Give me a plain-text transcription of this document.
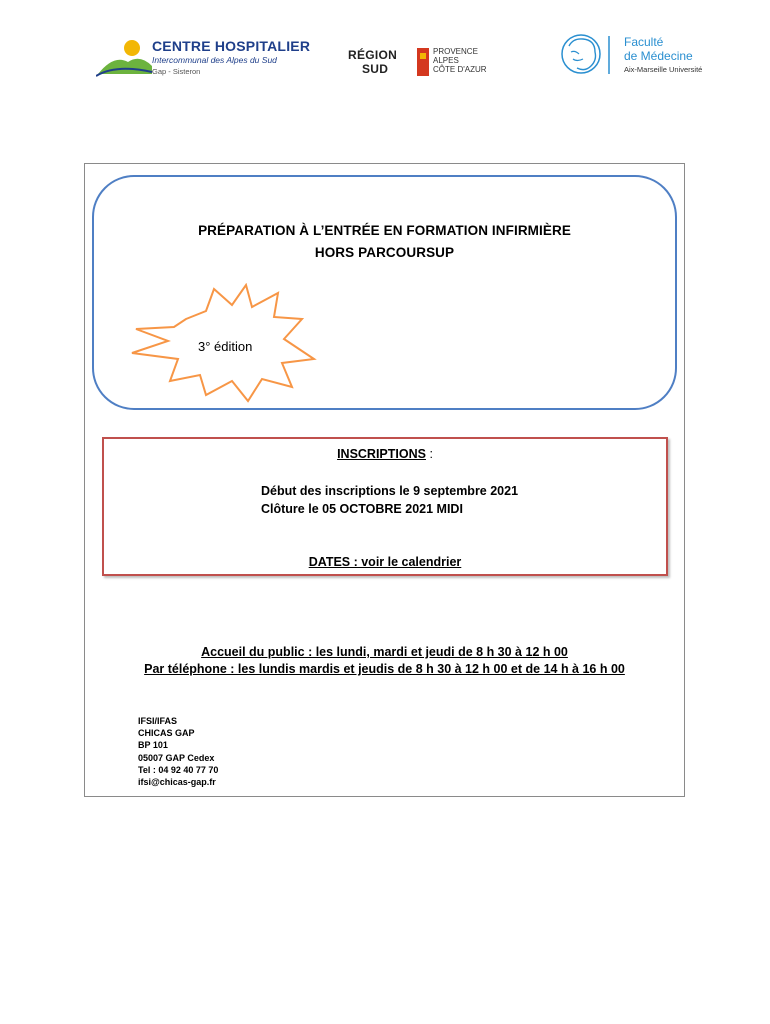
CENTRE HOSPITALIER
Intercommunal des Alpes du Sud
Gap - Sisteron
RÉGION
SUD
PROVENCE
ALPES
CÔTE D'AZUR
Faculté
de Médecine
Aix-Marseille Université
PRÉPARATION À L’ENTRÉE EN FORMATION INFIRMIÈRE
HORS PARCOURSUP
3° édition
INSCRIPTIONS :
Début des inscriptions le 9 septembre 2021
Clôture le 05 OCTOBRE 2021 MIDI
DATES : voir le calendrier
Accueil du public : les lundi, mardi et jeudi de 8 h 30 à 12 h 00
Par téléphone : les lundis mardis et jeudis de 8 h 30 à 12 h 00 et de 14 h à 16 h 00
IFSI/IFAS
CHICAS GAP
BP 101
05007 GAP Cedex
Tel : 04 92 40 77 70
ifsi@chicas-gap.fr
